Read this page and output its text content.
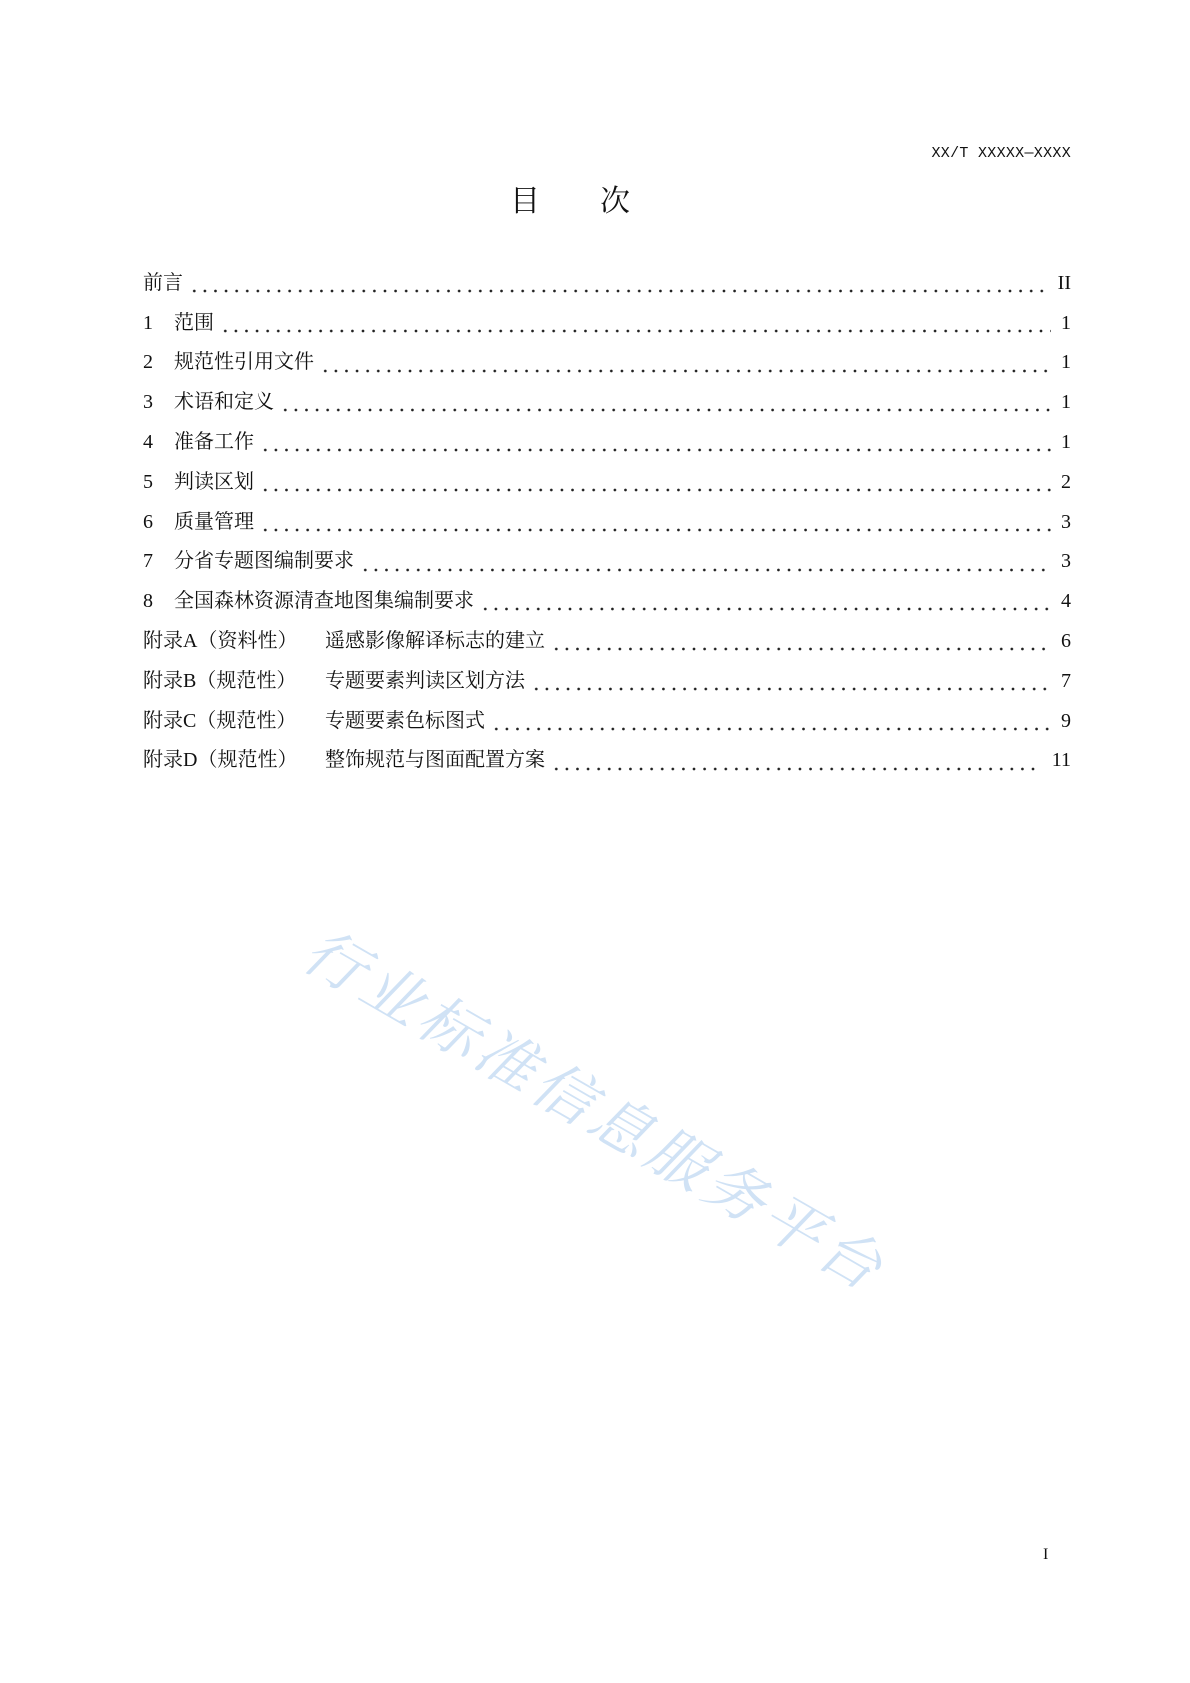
XX/T XXXXX—XXXX
目　　次
前言	II
1	范围	1
2	规范性引用文件	1
3	术语和定义	1
4	准备工作	1
5	判读区划	2
6	质量管理	3
7	分省专题图编制要求	3
8	全国森林资源清查地图集编制要求	4
附录A（资料性）	遥感影像解译标志的建立	6
附录B（规范性）	专题要素判读区划方法	7
附录C（规范性）	专题要素色标图式	9
附录D（规范性）	整饰规范与图面配置方案	11
行业标准信息服务平台
I
